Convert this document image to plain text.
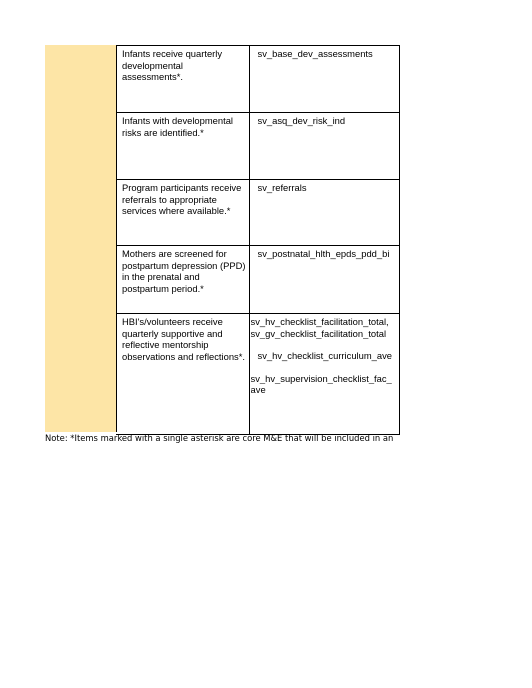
Infants receive quarterly developmental assessments*.
sv_base_dev_assessments
Infants with developmental risks are identified.*
sv_asq_dev_risk_ind
Program participants receive referrals to appropriate services where available.*
sv_referrals
Mothers are screened for postpartum depression (PPD) in the prenatal and postpartum period.*
sv_postnatal_hlth_epds_pdd_bi
HBI's/volunteers receive quarterly supportive and reflective mentorship observations and reflections*.
sv_hv_checklist_facilitation_total,
sv_gv_checklist_facilitation_total
sv_hv_checklist_curriculum_ave
sv_hv_supervision_checklist_fac_
ave
Note: *Items marked with a single asterisk are core M&E that will be included in an
